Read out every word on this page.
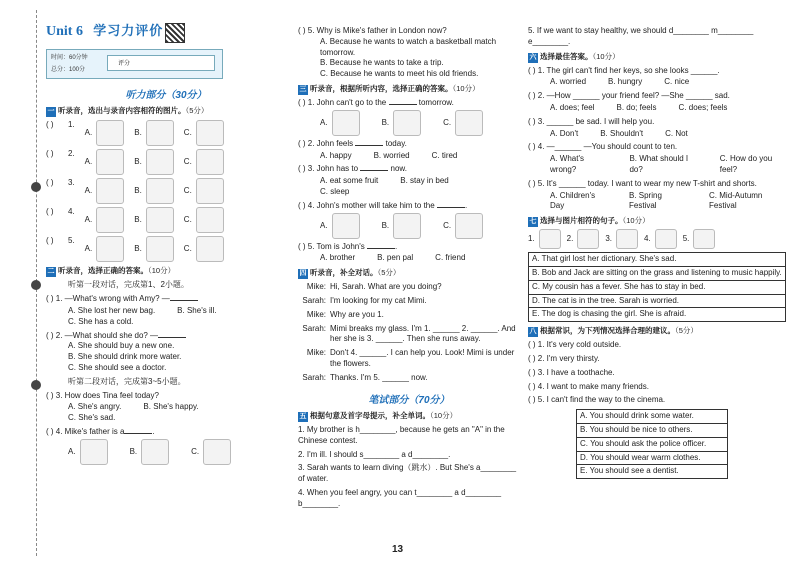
Unit 6 学习力评价
时间：60分钟
总分：100分
评分
听力部分（30分）
一 听录音，选出与录音内容相符的图片。（5分）
( )	1.
A.	B.	C.
( )	2.
A.	B.	C.
( )	3.
A.	B.	C.
( )	4.
A.	B.	C.
( )	5.
A.	B.	C.
二 听录音，选择正确的答案。（10分）
听第一段对话，完成第1、2小题。
( ) 1. —What's wrong with Amy? —
A. She lost her new bag.	B. She's ill.
C. She has a cold.
( ) 2. —What should she do? —
A. She should buy a new one.
B. She should drink more water.
C. She should see a doctor.
听第二段对话，完成第3~5小题。
( ) 3. How does Tina feel today?
A. She's angry.	B. She's happy.
C. She's sad.
( ) 4. Mike's father is a	.
A.	B.	C.
( ) 5. Why is Mike's father in London now?
A. Because he wants to watch a basketball match tomorrow.
B. Because he wants to take a trip.
C. Because he wants to meet his old friends.
三 听录音，根据所听内容，选择正确的答案。（10分）
( ) 1. John can't go to the	tomorrow.
A.	B.	C.
( ) 2. John feels	today.
A. happy	B. worried	C. tired
( ) 3. John has to	now.
A. eat some fruit	B. stay in bed
C. sleep
( ) 4. John's mother will take him to the	.
A.	B.	C.
( ) 5. Tom is John's	.
A. brother	B. pen pal	C. friend
四 听录音，补全对话。（5分）
Mike: Hi, Sarah. What are you doing?
Sarah: I'm looking for my cat Mimi.
Mike: Why are you 1.
Sarah: Mimi breaks my glass. I'm 1. ______ 2. ______. And her she is 3. ______. Then she runs away.
Mike: Don't 4. ______. I can help you. Look! Mimi is under the flowers.
Sarah: Thanks. I'm 5. ______ now.
笔试部分（70分）
五 根据句意及首字母提示，补全单词。（10分）
1. My brother is h________, because he gets an "A" in the Chinese contest.
2. I'm ill. I should s________ a d________.
3. Sarah wants to learn diving（跳水）. But She's a________ of water.
4. When you feel angry, you can t________ a d________ b________.
5. If we want to stay healthy, we should d________ m________ e________.
六 选择最佳答案。（10分）
( ) 1. The girl can't find her keys, so she looks ______.
A. worried	B. hungry	C. nice
( ) 2. —How ______ your friend feel? —She ______ sad.
A. does; feel	B. do; feels	C. does; feels
( ) 3. ______ be sad. I will help you.
A. Don't	B. Shouldn't	C. Not
( ) 4. —______ —You should count to ten.
A. What's wrong?
B. What should I do?
C. How do you feel?
( ) 5. It's ______ today. I want to wear my new T-shirt and shorts.
A. Children's Day
B. Spring Festival
C. Mid-Autumn Festival
七 选择与图片相符的句子。（10分）
1.	2.	3.	4.	5.
A. That girl lost her dictionary. She's sad.
B. Bob and Jack are sitting on the grass and listening to music happily.
C. My cousin has a fever. She has to stay in bed.
D. The cat is in the tree. Sarah is worried.
E. The dog is chasing the girl. She is afraid.
八 根据常识，为下列情况选择合理的建议。（5分）
( ) 1. It's very cold outside.
( ) 2. I'm very thirsty.
( ) 3. I have a toothache.
( ) 4. I want to make many friends.
( ) 5. I can't find the way to the cinema.
A. You should drink some water.
B. You should be nice to others.
C. You should ask the police officer.
D. You should wear warm clothes.
E. You should see a dentist.
13
